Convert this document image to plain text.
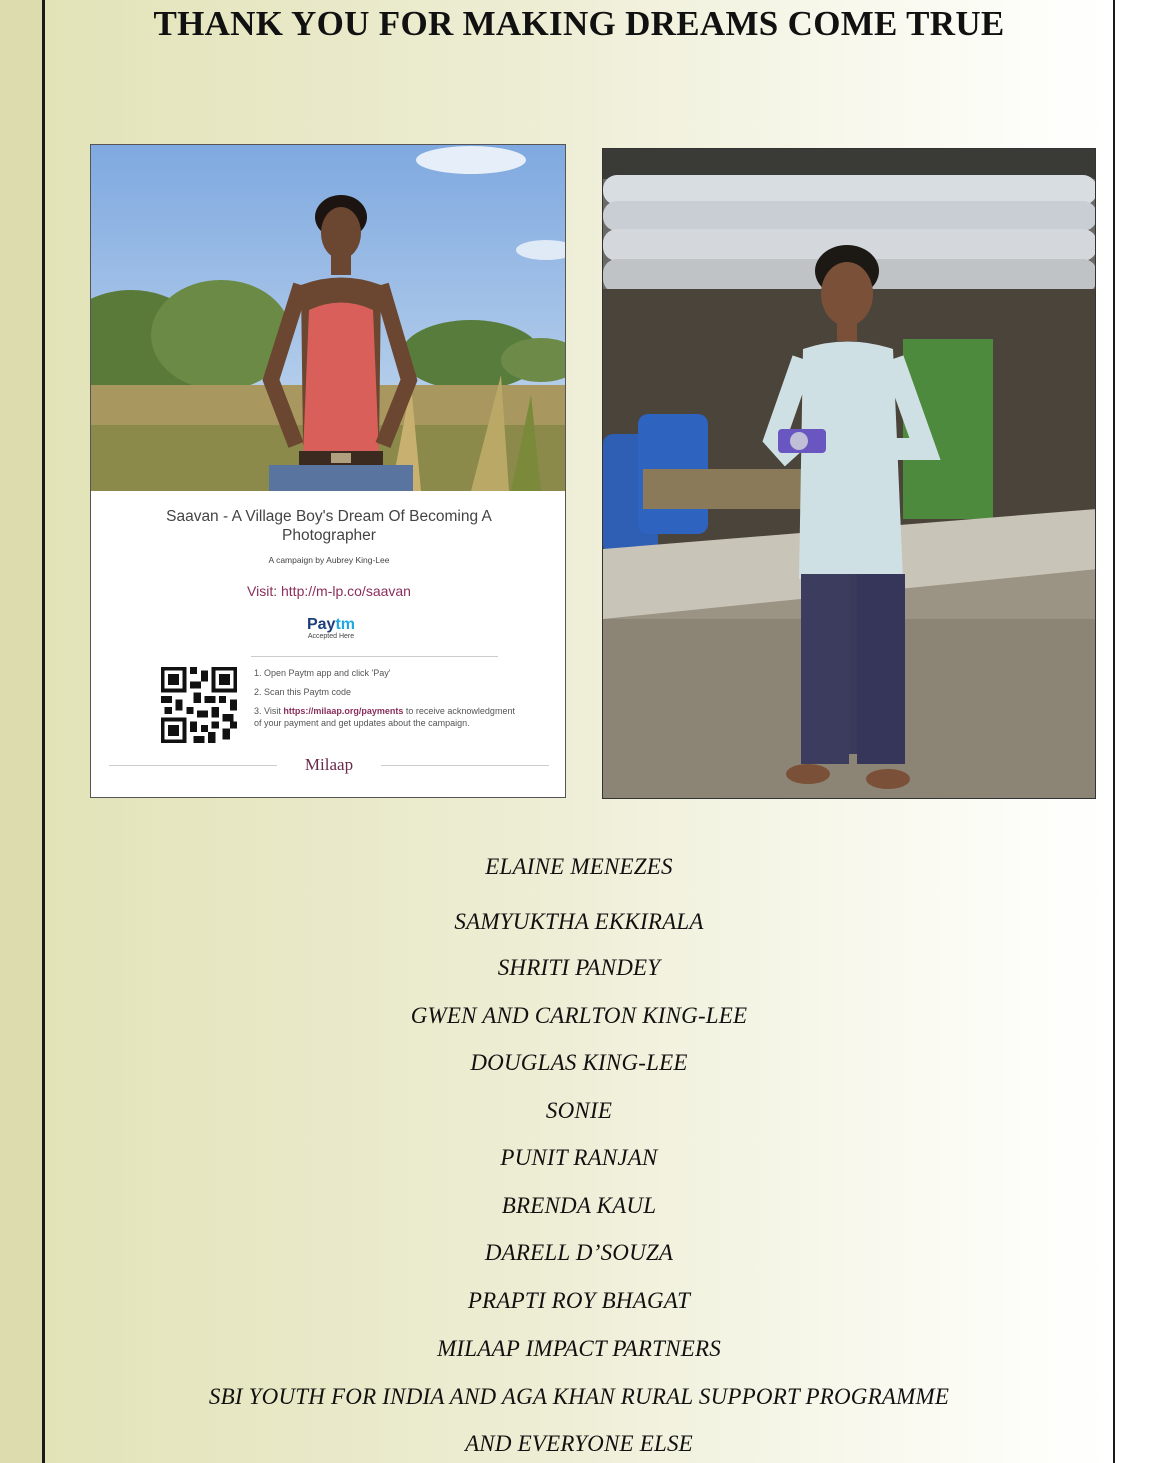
THANK YOU FOR MAKING DREAMS COME TRUE
Saavan - A Village Boy's Dream Of Becoming A Photographer
A campaign by Aubrey King-Lee
Visit: http://m-lp.co/saavan
Paytm
Accepted Here
1. Open Paytm app and click 'Pay'
2. Scan this Paytm code
3. Visit https://milaap.org/payments to receive acknowledgment of your payment and get updates about the campaign.
Milaap
ELAINE MENEZES
SAMYUKTHA EKKIRALA
SHRITI PANDEY
GWEN AND CARLTON KING-LEE
DOUGLAS KING-LEE
SONIE
PUNIT RANJAN
BRENDA KAUL
DARELL D’SOUZA
PRAPTI ROY BHAGAT
MILAAP IMPACT PARTNERS
SBI YOUTH FOR INDIA AND AGA KHAN RURAL SUPPORT PROGRAMME
AND EVERYONE ELSE
